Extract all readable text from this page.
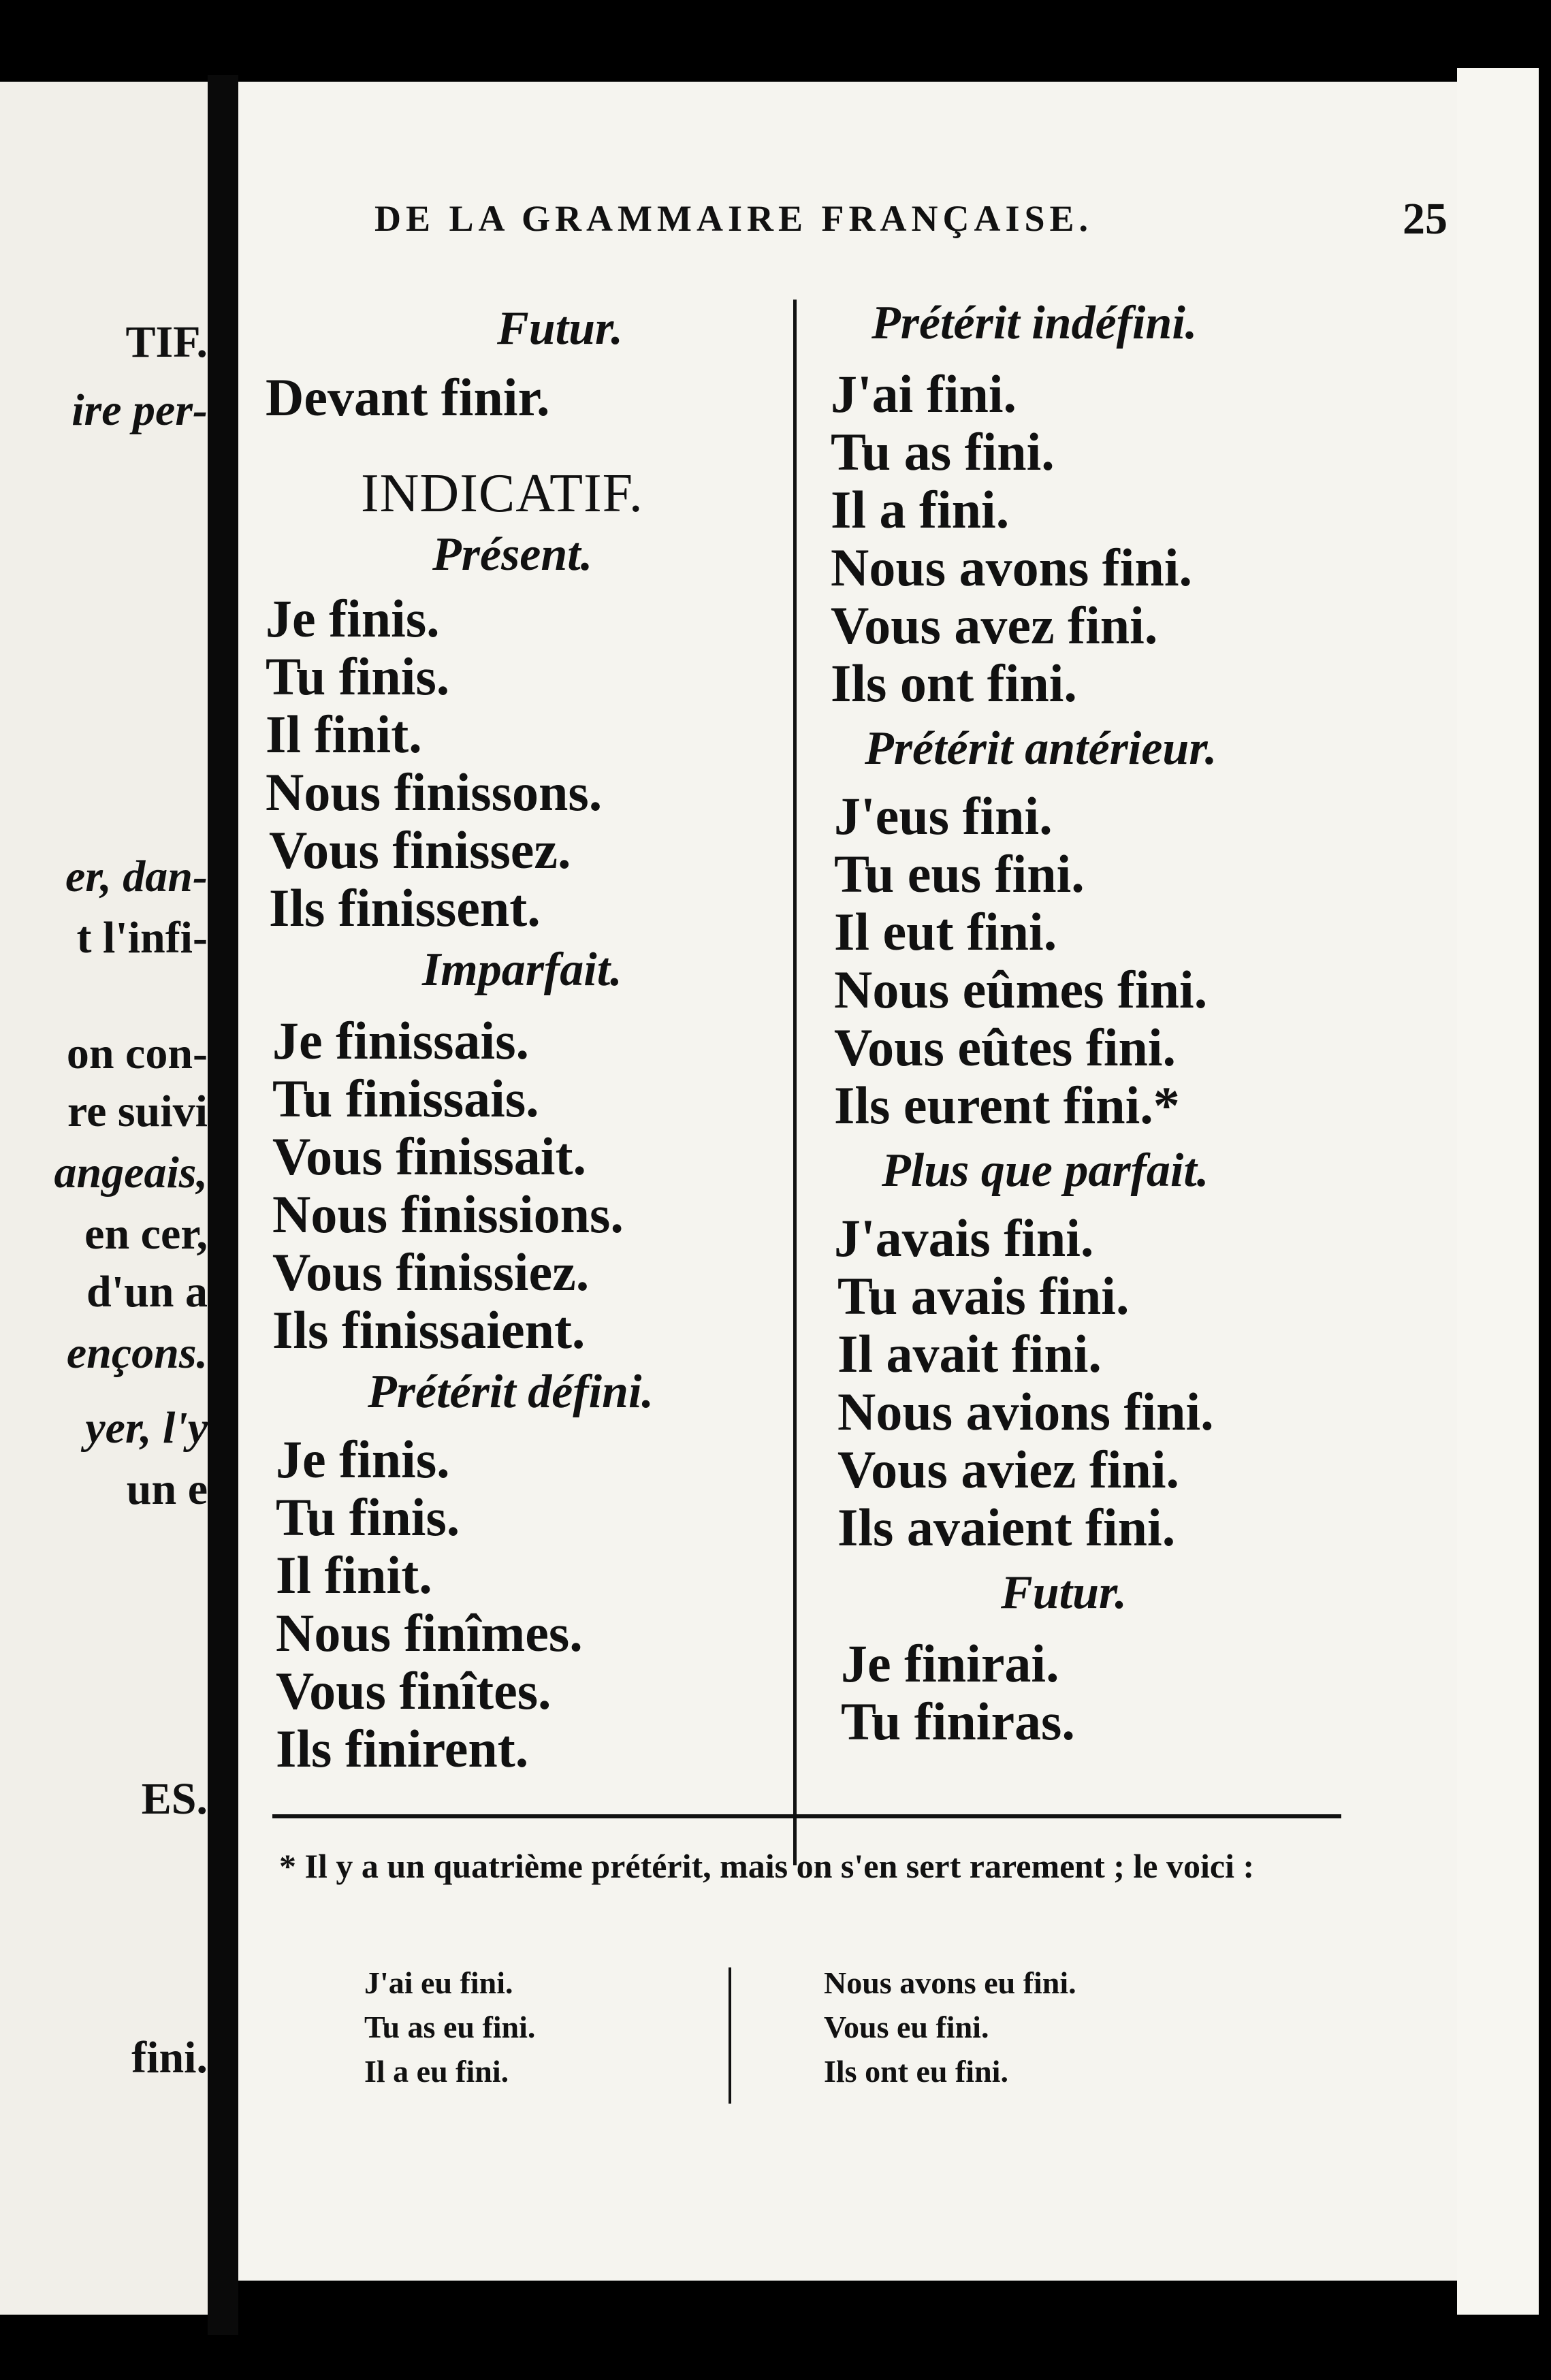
TIF.
ire per-
er, dan-
t l'infi-
on con-
re suivi
angeais,
en cer,
d'un a
ençons.
yer, l'y
un e
ES.
fini.
DE LA GRAMMAIRE FRANÇAISE.	25
Futur.
Devant finir.
INDICATIF.
Présent.
Je finis.
Tu finis.
Il finit.
Nous finissons.
Vous finissez.
Ils finissent.
Imparfait.
Je finissais.
Tu finissais.
Vous finissait.
Nous finissions.
Vous finissiez.
Ils finissaient.
Prétérit défini.
Je finis.
Tu finis.
Il finit.
Nous finîmes.
Vous finîtes.
Ils finirent.
Prétérit indéfini.
J'ai fini.
Tu as fini.
Il a fini.
Nous avons fini.
Vous avez fini.
Ils ont fini.
Prétérit antérieur.
J'eus fini.
Tu eus fini.
Il eut fini.
Nous eûmes fini.
Vous eûtes fini.
Ils eurent fini.*
Plus que parfait.
J'avais fini.
Tu avais fini.
Il avait fini.
Nous avions fini.
Vous aviez fini.
Ils avaient fini.
Futur.
Je finirai.
Tu finiras.
* Il y a un quatrième prétérit, mais on s'en sert rarement ; le voici :
J'ai eu fini.
Tu as eu fini.
Il a eu fini.
Nous avons eu fini.
Vous eu fini.
Ils ont eu fini.
